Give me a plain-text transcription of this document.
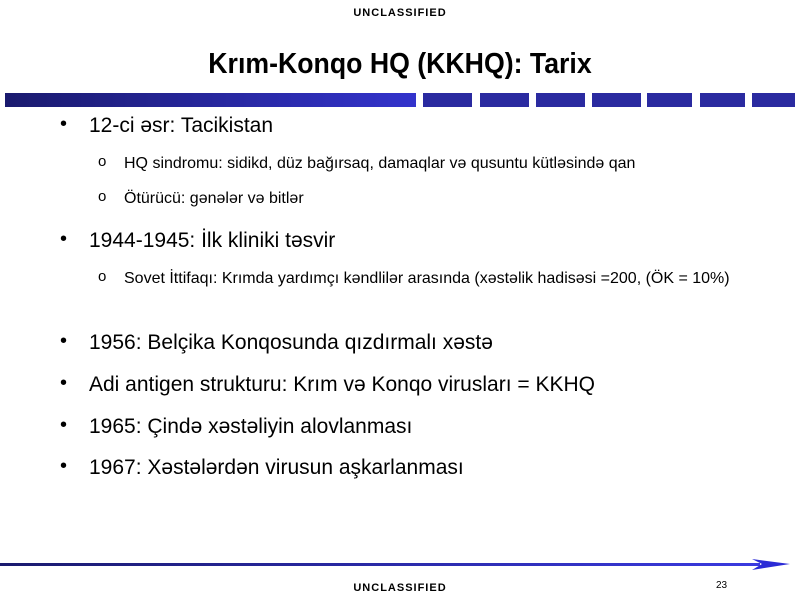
UNCLASSIFIED
Krım-Konqo HQ (KKHQ): Tarix
• 12-ci ǝsr: Tacikistan
o HQ sindromu: sidikd, düz bağırsaq, damaqlar vǝ qusuntu kütlǝsindǝ qan
o Ötürücü: gǝnǝlǝr vǝ bitlǝr
• 1944-1945: İlk kliniki tǝsvir
o Sovet İttifaqı: Krımda yardımçı kǝndlilǝr arasında (xǝstǝlik hadisǝsi =200, (ÖK = 10%)
• 1956: Belçika Konqosunda qızdırmalı xǝstǝ
• Adi antigen strukturu: Krım vǝ Konqo virusları = KKHQ
• 1965: Çindǝ xǝstǝliyin alovlanması
• 1967: Xǝstǝlǝrdǝn virusun aşkarlanması
23
UNCLASSIFIED
